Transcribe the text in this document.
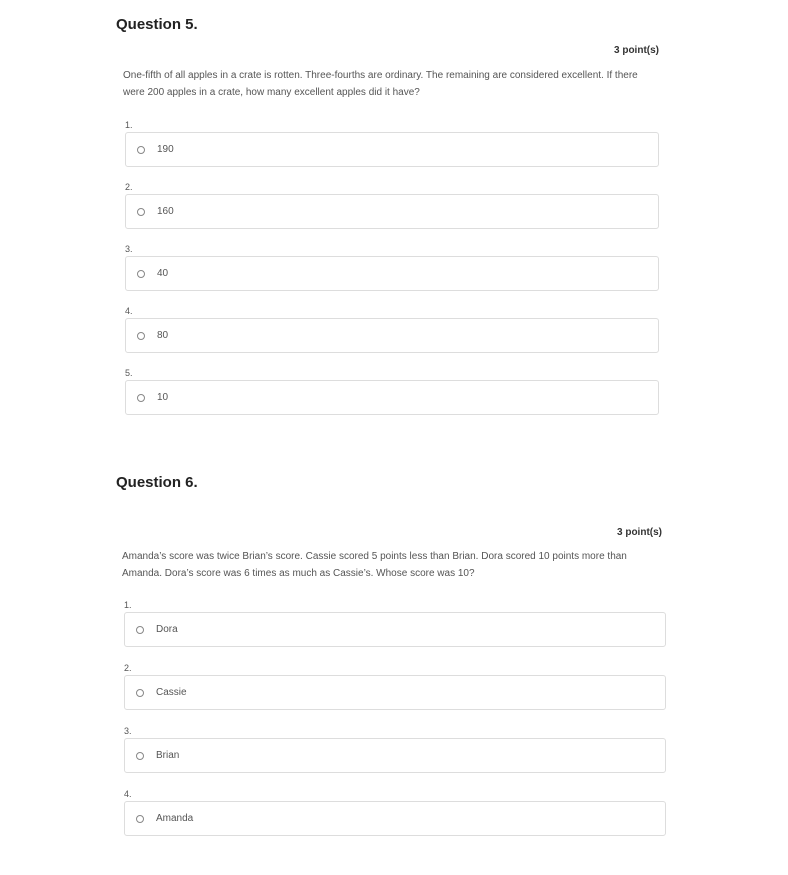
Question 5.
3 point(s)
One-fifth of all apples in a crate is rotten. Three-fourths are ordinary. The remaining are considered excellent. If there were 200 apples in a crate, how many excellent apples did it have?
1.
190
2.
160
3.
40
4.
80
5.
10
Question 6.
3 point(s)
Amanda’s score was twice Brian’s score. Cassie scored 5 points less than Brian. Dora scored 10 points more than Amanda. Dora’s score was 6 times as much as Cassie’s. Whose score was 10?
1.
Dora
2.
Cassie
3.
Brian
4.
Amanda
